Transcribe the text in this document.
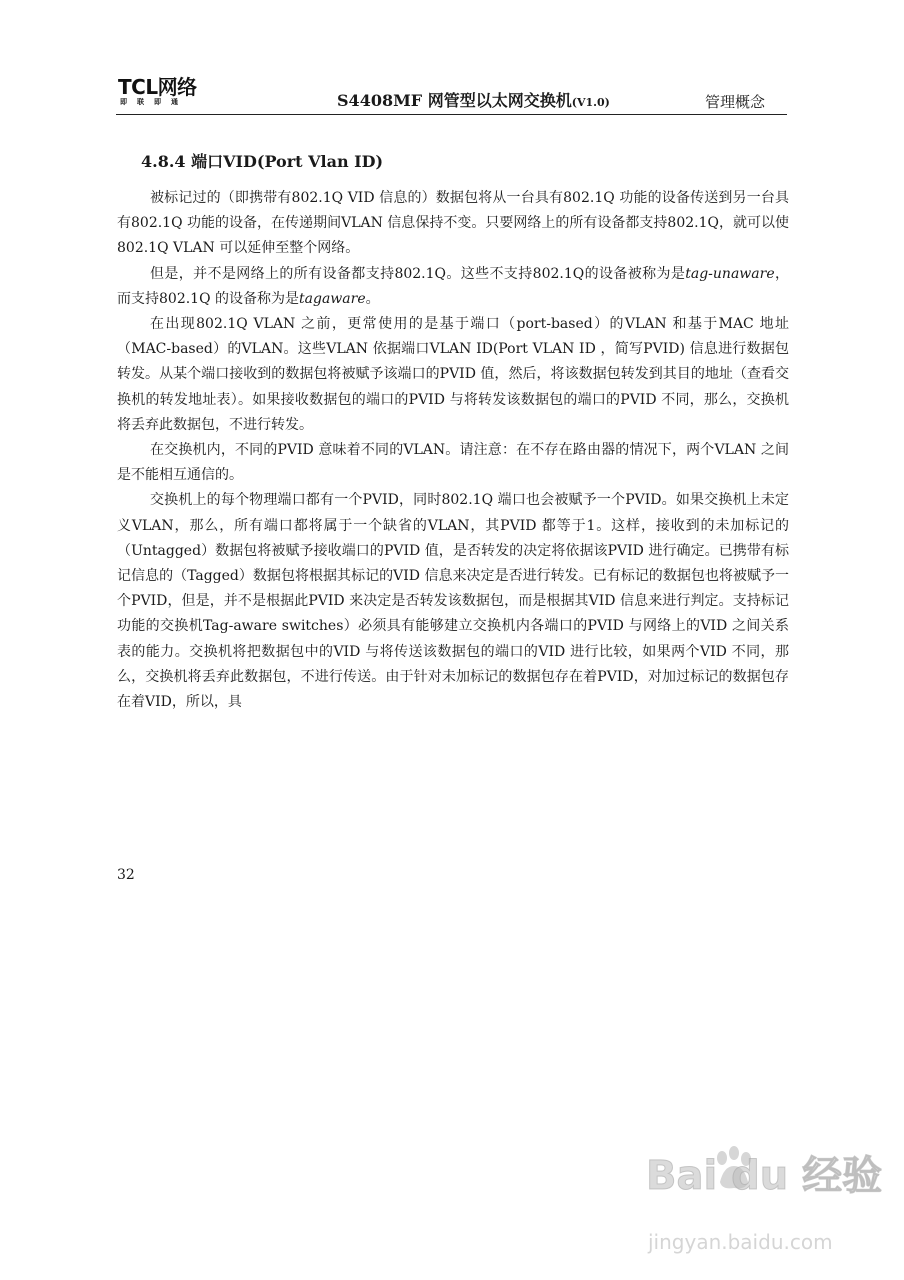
TCL网络
即联即通	S4408MF 网管型以太网交换机(V1.0)	管理概念
4.8.4 端口VID(Port Vlan ID)

被标记过的（即携带有802.1Q VID 信息的）数据包将从一台具有802.1Q 功能的设备传送到另一台具有802.1Q 功能的设备，在传递期间VLAN 信息保持不变。只要网络上的所有设备都支持802.1Q，就可以使802.1Q VLAN 可以延伸至整个网络。

但是，并不是网络上的所有设备都支持802.1Q。这些不支持802.1Q的设备被称为是tag-unaware，而支持802.1Q 的设备称为是tagaware。

在出现802.1Q VLAN 之前，更常使用的是基于端口（port-based）的VLAN 和基于MAC 地址（MAC-based）的VLAN。这些VLAN 依据端口VLAN ID(Port VLAN ID ，简写PVID) 信息进行数据包转发。从某个端口接收到的数据包将被赋予该端口的PVID 值，然后，将该数据包转发到其目的地址（查看交换机的转发地址表）。如果接收数据包的端口的PVID 与将转发该数据包的端口的PVID 不同，那么，交换机将丢弃此数据包，不进行转发。

在交换机内，不同的PVID 意味着不同的VLAN。请注意：在不存在路由器的情况下，两个VLAN 之间是不能相互通信的。

交换机上的每个物理端口都有一个PVID，同时802.1Q 端口也会被赋予一个PVID。如果交换机上未定义VLAN，那么，所有端口都将属于一个缺省的VLAN，其PVID 都等于1。这样，接收到的未加标记的（Untagged）数据包将被赋予接收端口的PVID 值，是否转发的决定将依据该PVID 进行确定。已携带有标记信息的（Tagged）数据包将根据其标记的VID 信息来决定是否进行转发。已有标记的数据包也将被赋予一个PVID，但是，并不是根据此PVID 来决定是否转发该数据包，而是根据其VID 信息来进行判定。支持标记功能的交换机Tag-aware switches）必须具有能够建立交换机内各端口的PVID 与网络上的VID 之间关系表的能力。交换机将把数据包中的VID 与将传送该数据包的端口的VID 进行比较，如果两个VID 不同，那么，交换机将丢弃此数据包，不进行传送。由于针对未加标记的数据包存在着PVID，对加过标记的数据包存在着VID，所以，具

32
Bai du 经验
jingyan.baidu.com
